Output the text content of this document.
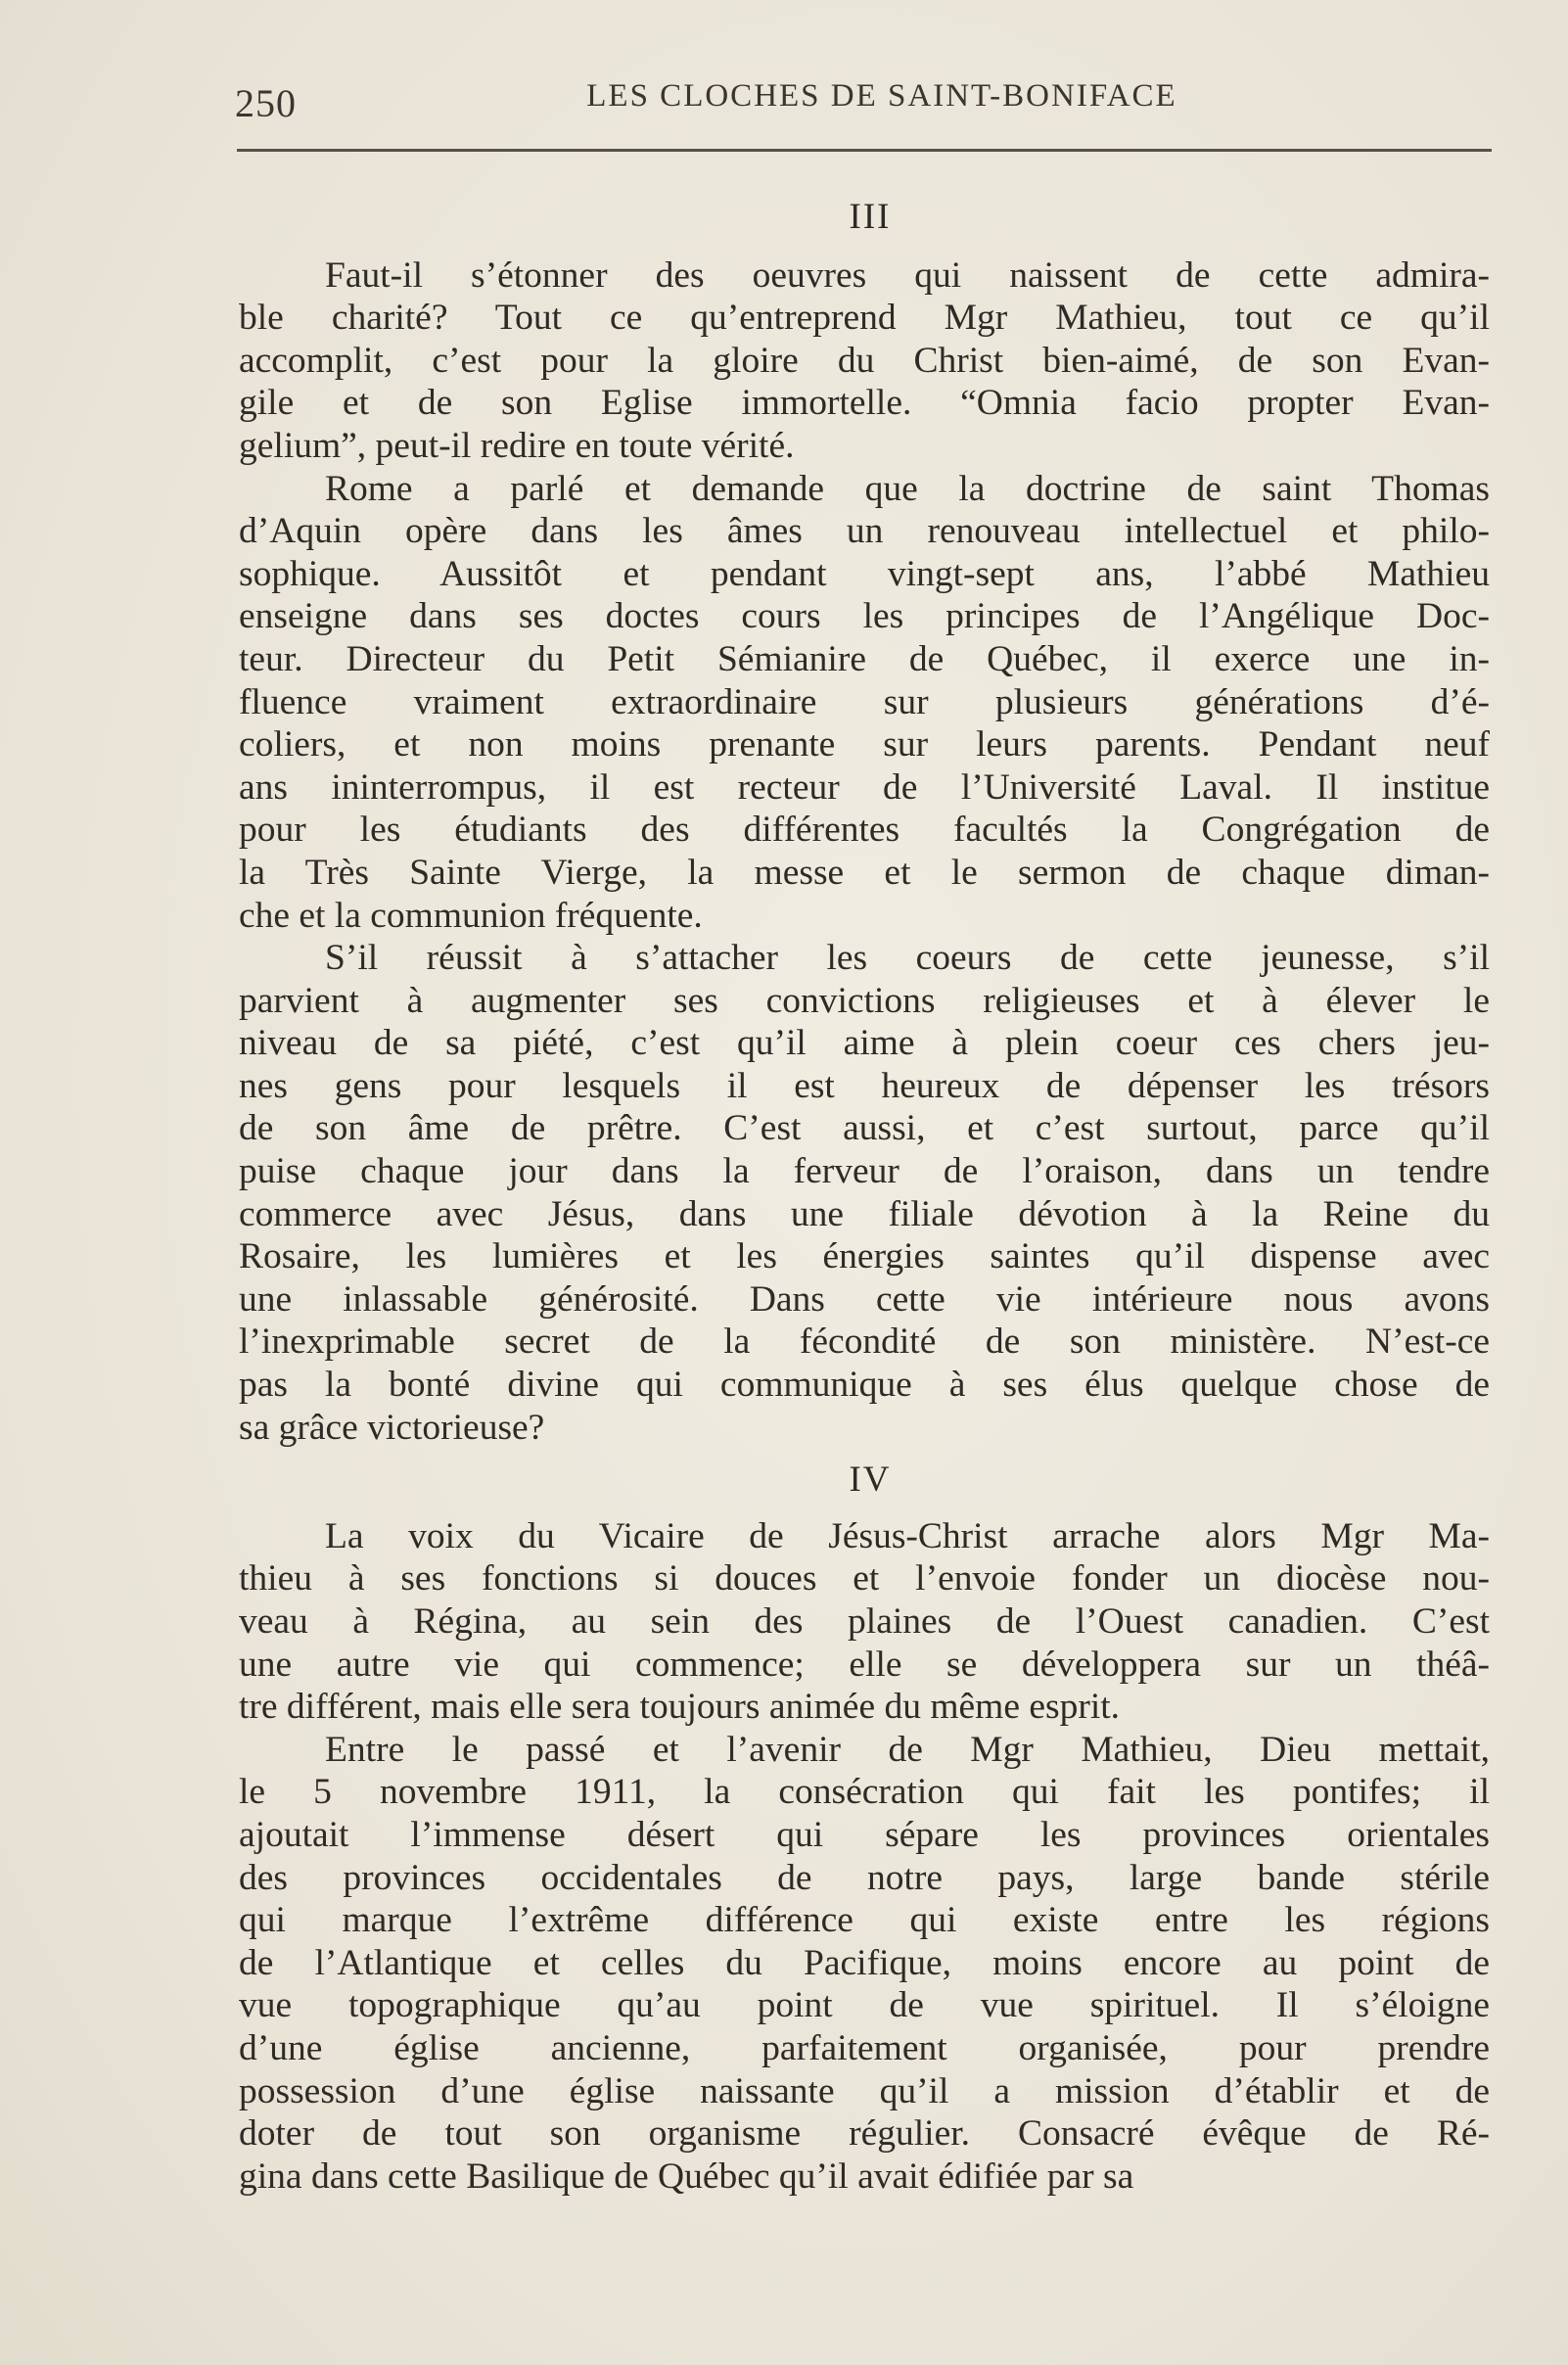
250	LES CLOCHES DE SAINT-BONIFACE
III
Faut-il s’étonner des oeuvres qui naissent de cette admira-
ble charité? Tout ce qu’entreprend Mgr Mathieu, tout ce qu’il
accomplit, c’est pour la gloire du Christ bien-aimé, de son Evan-
gile et de son Eglise immortelle. “Omnia facio propter Evan-
gelium”, peut-il redire en toute vérité.
Rome a parlé et demande que la doctrine de saint Thomas
d’Aquin opère dans les âmes un renouveau intellectuel et philo-
sophique. Aussitôt et pendant vingt-sept ans, l’abbé Mathieu
enseigne dans ses doctes cours les principes de l’Angélique Doc-
teur. Directeur du Petit Sémianire de Québec, il exerce une in-
fluence vraiment extraordinaire sur plusieurs générations d’é-
coliers, et non moins prenante sur leurs parents. Pendant neuf
ans ininterrompus, il est recteur de l’Université Laval. Il institue
pour les étudiants des différentes facultés la Congrégation de
la Très Sainte Vierge, la messe et le sermon de chaque diman-
che et la communion fréquente.
S’il réussit à s’attacher les coeurs de cette jeunesse, s’il
parvient à augmenter ses convictions religieuses et à élever le
niveau de sa piété, c’est qu’il aime à plein coeur ces chers jeu-
nes gens pour lesquels il est heureux de dépenser les trésors
de son âme de prêtre. C’est aussi, et c’est surtout, parce qu’il
puise chaque jour dans la ferveur de l’oraison, dans un tendre
commerce avec Jésus, dans une filiale dévotion à la Reine du
Rosaire, les lumières et les énergies saintes qu’il dispense avec
une inlassable générosité. Dans cette vie intérieure nous avons
l’inexprimable secret de la fécondité de son ministère. N’est-ce
pas la bonté divine qui communique à ses élus quelque chose de
sa grâce victorieuse?
IV
La voix du Vicaire de Jésus-Christ arrache alors Mgr Ma-
thieu à ses fonctions si douces et l’envoie fonder un diocèse nou-
veau à Régina, au sein des plaines de l’Ouest canadien. C’est
une autre vie qui commence; elle se développera sur un théâ-
tre différent, mais elle sera toujours animée du même esprit.
Entre le passé et l’avenir de Mgr Mathieu, Dieu mettait,
le 5 novembre 1911, la consécration qui fait les pontifes; il
ajoutait l’immense désert qui sépare les provinces orientales
des provinces occidentales de notre pays, large bande stérile
qui marque l’extrême différence qui existe entre les régions
de l’Atlantique et celles du Pacifique, moins encore au point de
vue topographique qu’au point de vue spirituel. Il s’éloigne
d’une église ancienne, parfaitement organisée, pour prendre
possession d’une église naissante qu’il a mission d’établir et de
doter de tout son organisme régulier. Consacré évêque de Ré-
gina dans cette Basilique de Québec qu’il avait édifiée par sa
